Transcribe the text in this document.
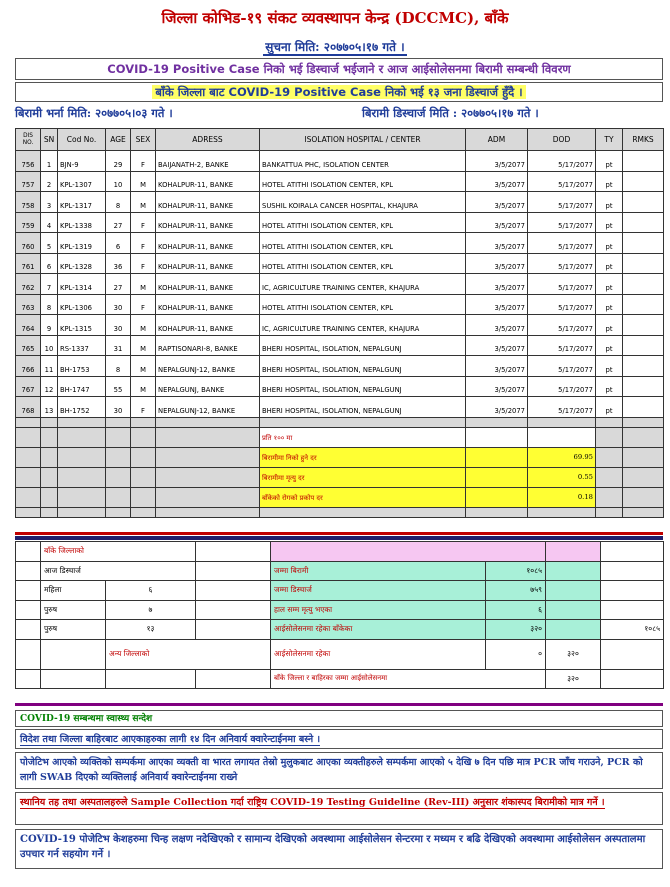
जिल्ला कोभिड-१९ संकट व्यवस्थापन केन्द्र (DCCMC), बाँके
सुचना मिति: २०७७०५।१७ गते ।
COVID-19 Positive Case निको भई डिस्चार्ज भईजाने र आज आईसोलेसनमा बिरामी सम्बन्धी विवरण
बाँके जिल्ला बाट COVID-19 Positive Case निको भई १३ जना डिस्चार्ज हुँदै ।
बिरामी भर्ना मिति: २०७७०५।०३ गते ।	बिरामी डिस्चार्ज मिति : २०७७०५।१७ गते ।
DIS NO.	SN	Cod No.	AGE	SEX	ADRESS	ISOLATION HOSPITAL / CENTER	ADM	DOD	TY	RMKS
756	1	BJN-9	29	F	BAIJANATH-2, BANKE	BANKATTUA PHC, ISOLATION CENTER	3/5/2077	5/17/2077	pt	
757	2	KPL-1307	10	M	KOHALPUR-11, BANKE	HOTEL ATITHI ISOLATION CENTER, KPL	3/5/2077	5/17/2077	pt	
758	3	KPL-1317	8	M	KOHALPUR-11, BANKE	SUSHIL KOIRALA CANCER HOSPITAL, KHAJURA	3/5/2077	5/17/2077	pt	
759	4	KPL-1338	27	F	KOHALPUR-11, BANKE	HOTEL ATITHI ISOLATION CENTER, KPL	3/5/2077	5/17/2077	pt	
760	5	KPL-1319	6	F	KOHALPUR-11, BANKE	HOTEL ATITHI ISOLATION CENTER, KPL	3/5/2077	5/17/2077	pt	
761	6	KPL-1328	36	F	KOHALPUR-11, BANKE	HOTEL ATITHI ISOLATION CENTER, KPL	3/5/2077	5/17/2077	pt	
762	7	KPL-1314	27	M	KOHALPUR-11, BANKE	IC, AGRICULTURE TRAINING CENTER, KHAJURA	3/5/2077	5/17/2077	pt	
763	8	KPL-1306	30	F	KOHALPUR-11, BANKE	HOTEL ATITHI ISOLATION CENTER, KPL	3/5/2077	5/17/2077	pt	
764	9	KPL-1315	30	M	KOHALPUR-11, BANKE	IC, AGRICULTURE TRAINING CENTER, KHAJURA	3/5/2077	5/17/2077	pt	
765	10	RS-1337	31	M	RAPTISONARI-8, BANKE	BHERI HOSPITAL, ISOLATION, NEPALGUNJ	3/5/2077	5/17/2077	pt	
766	11	BH-1753	8	M	NEPALGUNJ-12, BANKE	BHERI HOSPITAL, ISOLATION, NEPALGUNJ	3/5/2077	5/17/2077	pt	
767	12	BH-1747	55	M	NEPALGUNJ, BANKE	BHERI HOSPITAL, ISOLATION, NEPALGUNJ	3/5/2077	5/17/2077	pt	
768	13	BH-1752	30	F	NEPALGUNJ-12, BANKE	BHERI HOSPITAL, ISOLATION, NEPALGUNJ	3/5/2077	5/17/2077	pt	

						प्रति १०० मा				
						बिरामीमा निको हुने दर		69.95		
						बिरामीमा मृत्यु दर		0.55		
						बाँकेको रोगको प्रकोप दर		0.18		

	बाँके जिल्लाको						
	आज डिस्चार्ज			जम्मा बिरामी	१०८५		
	महिला	६		जम्मा डिस्चार्ज	७५९		
	पुरुष	७		हाल सम्म मृत्यु भएका	६		
	पुरुष	१३		आईसोलेसनमा रहेका बाँकेका	३२०		१०८५
		अन्य जिल्लाको		आईसोलेसनमा रहेका	०	३२०	
				बाँके जिल्ला र बाहिरका जम्मा आईसोलेसनमा		३२०	
COVID-19 सम्बन्धमा स्वास्थ्य सन्देश
विदेश तथा जिल्ला बाहिरबाट आएकाहरुका लागी १४ दिन अनिवार्य क्वारेन्टाईनमा बस्ने ।
पोजेटिभ आएको व्यक्तिको सम्पर्कमा आएका व्यक्ती वा भारत लगायत तेस्रो मुलुकबाट आएका व्यक्तीहरुले सम्पर्कमा आएको ५ देखि ७ दिन पछि मात्र PCR जाँच गराउने, PCR को लागी SWAB दिएको व्यक्तिलाई अनिवार्य क्वारेन्टाईनमा राख्ने
स्थानिय तह तथा अस्पतालहरुले Sample Collection गर्दा राष्ट्रिय COVID-19 Testing Guideline (Rev-III) अनुसार शंकास्पद बिरामीको मात्र गर्ने ।
COVID-19 पोजेटिभ केशहरुमा चिन्ह लक्षण नदेखिएको र सामान्य देखिएको अवस्थामा आईसोलेसन सेन्टरमा र मध्यम र बढि देखिएको अवस्थामा आईसोलेसन अस्पतालमा उपचार गर्न सहयोग गर्ने ।
